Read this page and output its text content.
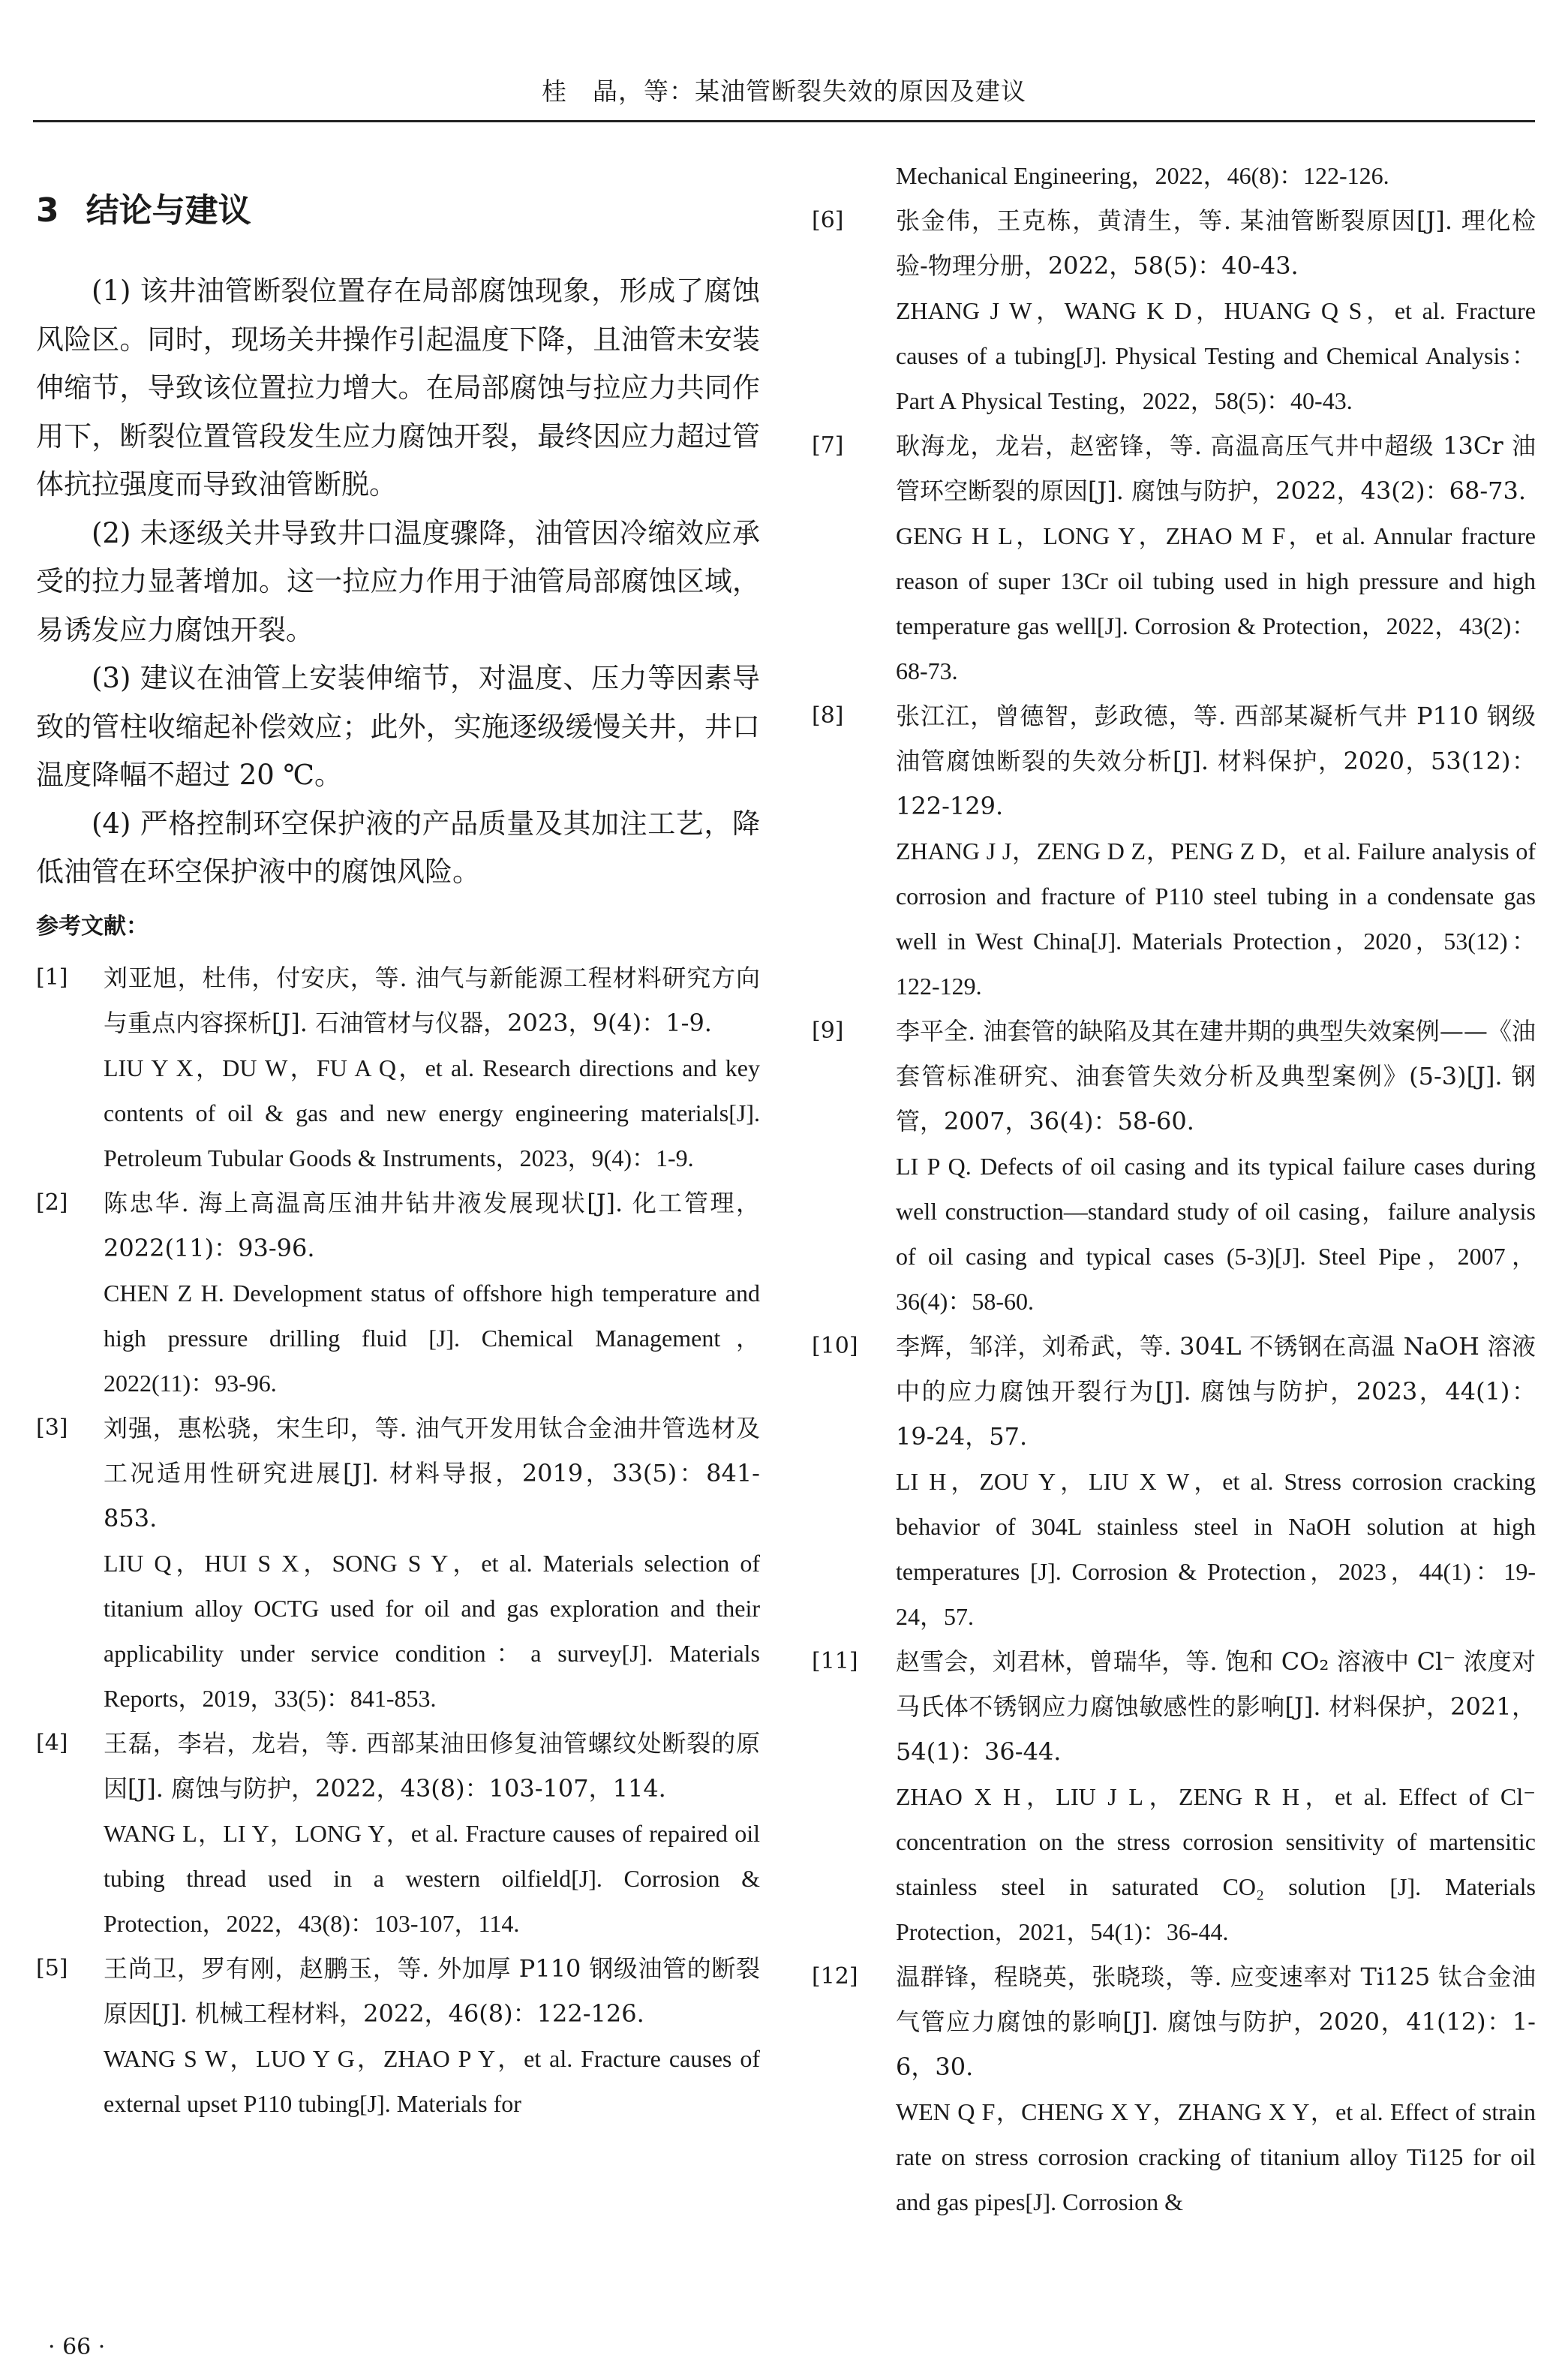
桂　晶，等：某油管断裂失效的原因及建议
3 结论与建议

(1) 该井油管断裂位置存在局部腐蚀现象，形成了腐蚀风险区。同时，现场关井操作引起温度下降，且油管未安装伸缩节，导致该位置拉力增大。在局部腐蚀与拉应力共同作用下，断裂位置管段发生应力腐蚀开裂，最终因应力超过管体抗拉强度而导致油管断脱。

(2) 未逐级关井导致井口温度骤降，油管因冷缩效应承受的拉力显著增加。这一拉应力作用于油管局部腐蚀区域，易诱发应力腐蚀开裂。

(3) 建议在油管上安装伸缩节，对温度、压力等因素导致的管柱收缩起补偿效应；此外，实施逐级缓慢关井，井口温度降幅不超过 20 ℃。

(4) 严格控制环空保护液的产品质量及其加注工艺，降低油管在环空保护液中的腐蚀风险。

参考文献：
[1]	刘亚旭，杜伟，付安庆，等. 油气与新能源工程材料研究方向与重点内容探析[J]. 石油管材与仪器，2023，9(4)：1-9.

LIU Y X，DU W，FU A Q，et al. Research directions and key contents of oil & gas and new energy engineering materials[J]. Petroleum Tubular Goods & Instruments，2023，9(4)：1-9.

[2]	陈忠华. 海上高温高压油井钻井液发展现状[J]. 化工管理，2022(11)：93-96.

CHEN Z H. Development status of offshore high temperature and high pressure drilling fluid [J]. Chemical Management，2022(11)：93-96.

[3]	刘强，惠松骁，宋生印，等. 油气开发用钛合金油井管选材及工况适用性研究进展[J]. 材料导报，2019，33(5)：841-853.

LIU Q，HUI S X，SONG S Y，et al. Materials selection of titanium alloy OCTG used for oil and gas exploration and their applicability under service condition：a survey[J]. Materials Reports，2019，33(5)：841-853.

[4]	王磊，李岩，龙岩，等. 西部某油田修复油管螺纹处断裂的原因[J]. 腐蚀与防护，2022，43(8)：103-107，114.

WANG L，LI Y，LONG Y，et al. Fracture causes of repaired oil tubing thread used in a western oilfield[J]. Corrosion & Protection，2022，43(8)：103-107，114.

[5]	王尚卫，罗有刚，赵鹏玉，等. 外加厚 P110 钢级油管的断裂原因[J]. 机械工程材料，2022，46(8)：122-126.

WANG S W，LUO Y G，ZHAO P Y，et al. Fracture causes of external upset P110 tubing[J]. Materials for

Mechanical Engineering，2022，46(8)：122-126.

[6]	张金伟，王克栋，黄清生，等. 某油管断裂原因[J]. 理化检验-物理分册，2022，58(5)：40-43.

ZHANG J W，WANG K D，HUANG Q S，et al. Fracture causes of a tubing[J]. Physical Testing and Chemical Analysis：Part A Physical Testing，2022，58(5)：40-43.

[7]	耿海龙，龙岩，赵密锋，等. 高温高压气井中超级 13Cr 油管环空断裂的原因[J]. 腐蚀与防护，2022，43(2)：68-73.

GENG H L，LONG Y，ZHAO M F，et al. Annular fracture reason of super 13Cr oil tubing used in high pressure and high temperature gas well[J]. Corrosion & Protection，2022，43(2)：68-73.

[8]	张江江，曾德智，彭政德，等. 西部某凝析气井 P110 钢级油管腐蚀断裂的失效分析[J]. 材料保护，2020，53(12)：122-129.

ZHANG J J，ZENG D Z，PENG Z D，et al. Failure analysis of corrosion and fracture of P110 steel tubing in a condensate gas well in West China[J]. Materials Protection，2020，53(12)：122-129.

[9]	李平全. 油套管的缺陷及其在建井期的典型失效案例——《油套管标准研究、油套管失效分析及典型案例》(5-3)[J]. 钢管，2007，36(4)：58-60.

LI P Q. Defects of oil casing and its typical failure cases during well construction—standard study of oil casing，failure analysis of oil casing and typical cases (5-3)[J]. Steel Pipe，2007，36(4)：58-60.

[10]	李辉，邹洋，刘希武，等. 304L 不锈钢在高温 NaOH 溶液中的应力腐蚀开裂行为[J]. 腐蚀与防护，2023，44(1)：19-24，57.

LI H，ZOU Y，LIU X W，et al. Stress corrosion cracking behavior of 304L stainless steel in NaOH solution at high temperatures [J]. Corrosion & Protection，2023，44(1)：19-24，57.

[11]	赵雪会，刘君林，曾瑞华，等. 饱和 CO₂ 溶液中 Cl⁻ 浓度对马氏体不锈钢应力腐蚀敏感性的影响[J]. 材料保护，2021，54(1)：36-44.

ZHAO X H，LIU J L，ZENG R H，et al. Effect of Cl⁻ concentration on the stress corrosion sensitivity of martensitic stainless steel in saturated CO₂ solution [J]. Materials Protection，2021，54(1)：36-44.

[12]	温群锋，程晓英，张晓琰，等. 应变速率对 Ti125 钛合金油气管应力腐蚀的影响[J]. 腐蚀与防护，2020，41(12)：1-6，30.

WEN Q F，CHENG X Y，ZHANG X Y，et al. Effect of strain rate on stress corrosion cracking of titanium alloy Ti125 for oil and gas pipes[J]. Corrosion &

· 66 ·
